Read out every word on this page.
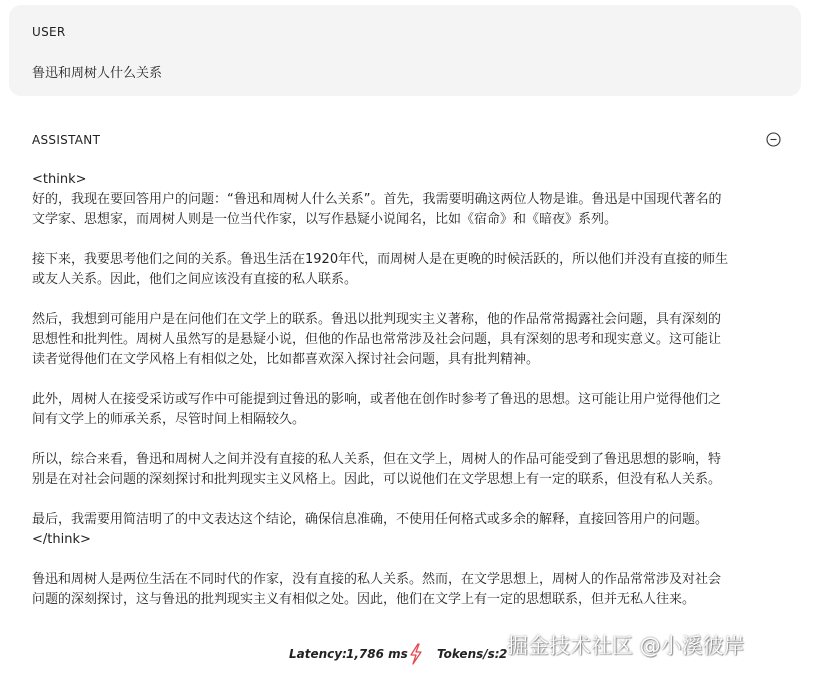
USER
鲁迅和周树人什么关系
ASSISTANT
<think>

好的，我现在要回答用户的问题：“鲁迅和周树人什么关系”。首先，我需要明确这两位人物是谁。鲁迅是中国现代著名的
文学家、思想家，而周树人则是一位当代作家，以写作悬疑小说闻名，比如《宿命》和《暗夜》系列。

接下来，我要思考他们之间的关系。鲁迅生活在1920年代，而周树人是在更晚的时候活跃的，所以他们并没有直接的师生
或友人关系。因此，他们之间应该没有直接的私人联系。

然后，我想到可能用户是在问他们在文学上的联系。鲁迅以批判现实主义著称，他的作品常常揭露社会问题，具有深刻的
思想性和批判性。周树人虽然写的是悬疑小说，但他的作品也常常涉及社会问题，具有深刻的思考和现实意义。这可能让
读者觉得他们在文学风格上有相似之处，比如都喜欢深入探讨社会问题，具有批判精神。

此外，周树人在接受采访或写作中可能提到过鲁迅的影响，或者他在创作时参考了鲁迅的思想。这可能让用户觉得他们之
间有文学上的师承关系，尽管时间上相隔较久。

所以，综合来看，鲁迅和周树人之间并没有直接的私人关系，但在文学上，周树人的作品可能受到了鲁迅思想的影响，特
别是在对社会问题的深刻探讨和批判现实主义风格上。因此，可以说他们在文学思想上有一定的联系，但没有私人关系。

最后，我需要用简洁明了的中文表达这个结论，确保信息准确，不使用任何格式或多余的解释，直接回答用户的问题。

</think>

鲁迅和周树人是两位生活在不同时代的作家，没有直接的私人关系。然而，在文学思想上，周树人的作品常常涉及对社会
问题的深刻探讨，这与鲁迅的批判现实主义有相似之处。因此，他们在文学上有一定的思想联系，但并无私人往来。

Latency: 1,786 ms Tokens/s: 2 掘金技术社区 @小溪彼岸
